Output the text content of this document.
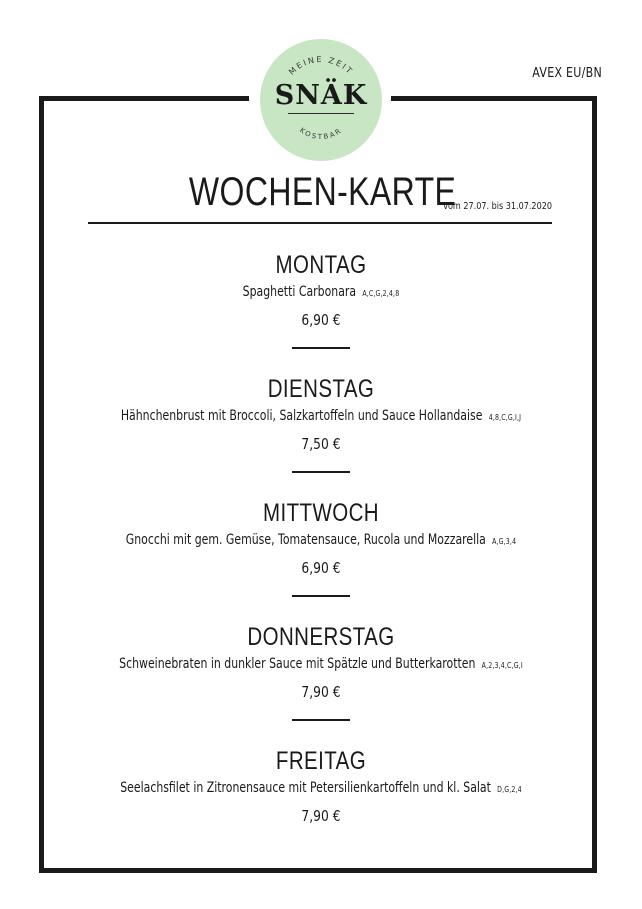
MEINE ZEIT
KOSTBAR
SNÄK
AVEX EU/BN
WOCHEN-KARTE
vom 27.07. bis 31.07.2020
MONTAG
Spaghetti Carbonara A,C,G,2,4,8
6,90 €
DIENSTAG
Hähnchenbrust mit Broccoli, Salzkartoffeln und Sauce Hollandaise 4,8,C,G,I,J
7,50 €
MITTWOCH
Gnocchi mit gem. Gemüse, Tomatensauce, Rucola und Mozzarella A,G,3,4
6,90 €
DONNERSTAG
Schweinebraten in dunkler Sauce mit Spätzle und Butterkarotten A,2,3,4,C,G,I
7,90 €
FREITAG
Seelachsfilet in Zitronensauce mit Petersilienkartoffeln und kl. Salat D,G,2,4
7,90 €
